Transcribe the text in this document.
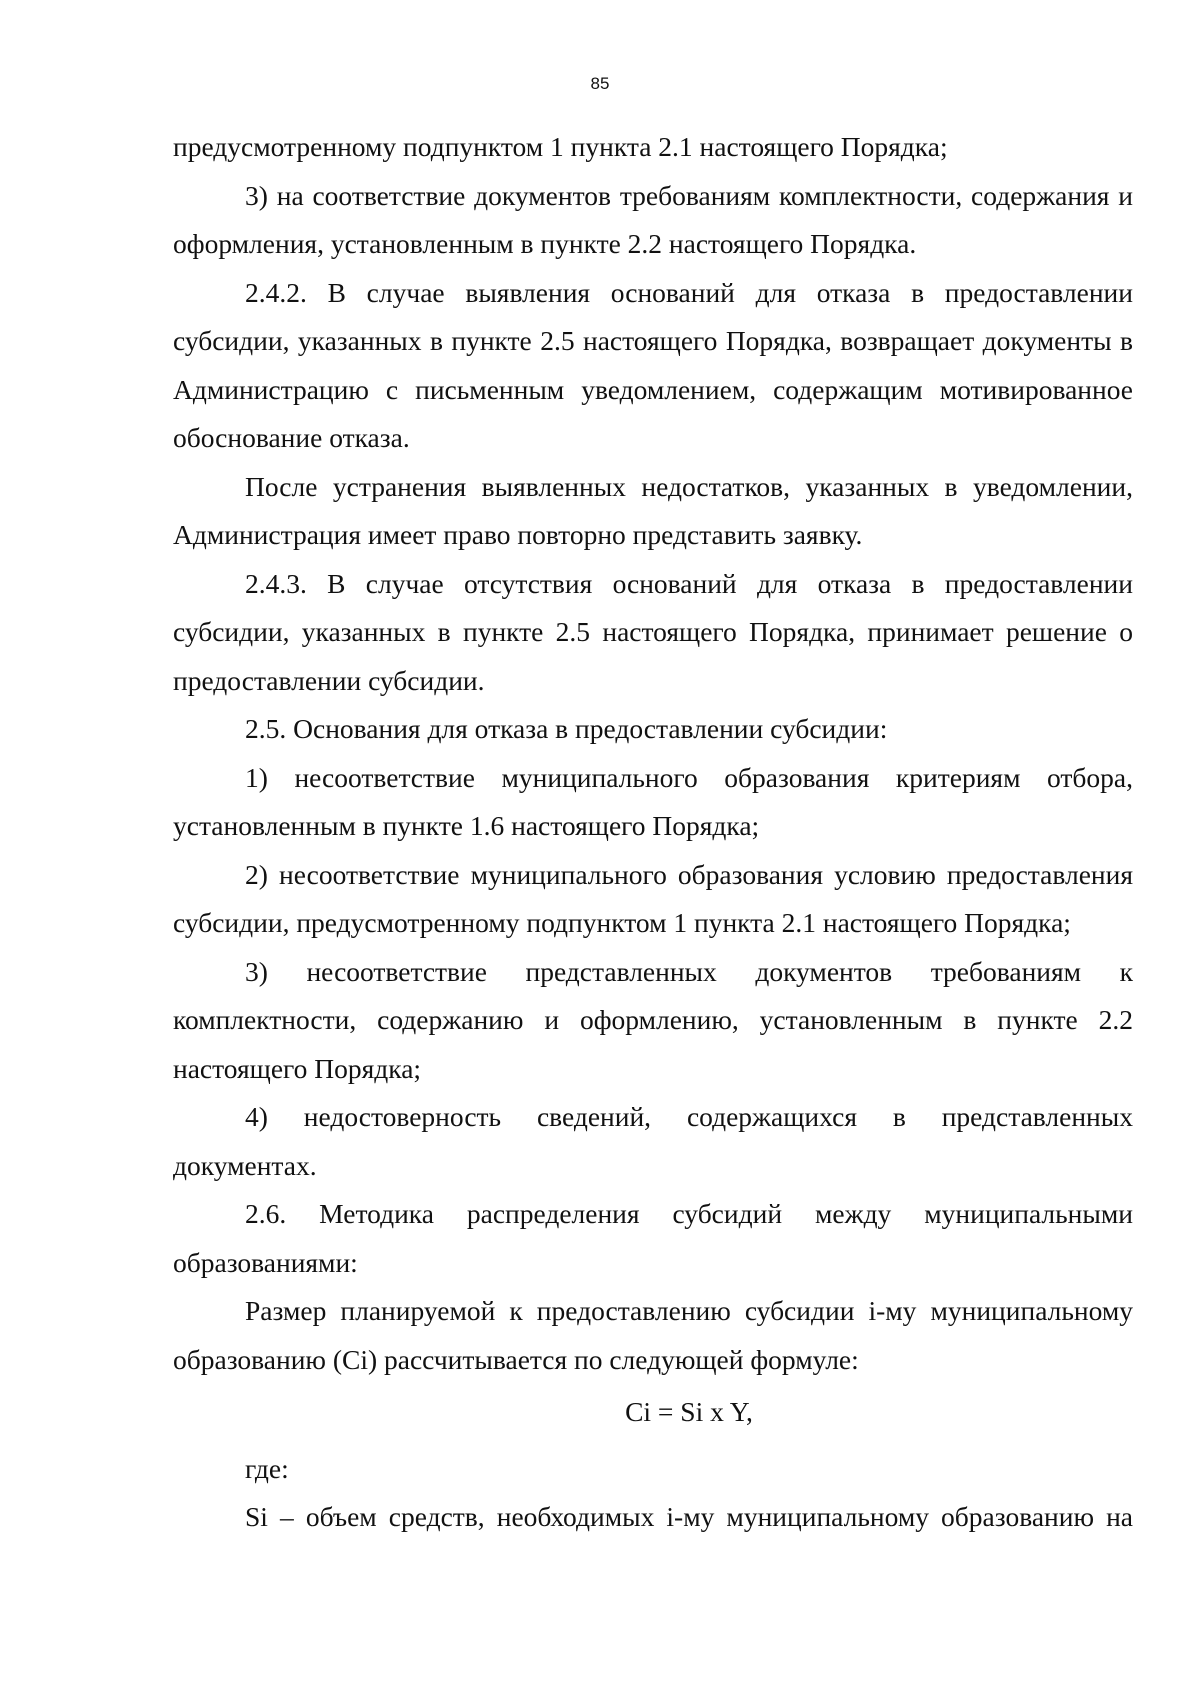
85

предусмотренному подпунктом 1 пункта 2.1 настоящего Порядка;

3) на соответствие документов требованиям комплектности, содержания и оформления, установленным в пункте 2.2 настоящего Порядка.

2.4.2. В случае выявления оснований для отказа в предоставлении субсидии, указанных в пункте 2.5 настоящего Порядка, возвращает документы в Администрацию с письменным уведомлением, содержащим мотивированное обоснование отказа.

После устранения выявленных недостатков, указанных в уведомлении, Администрация имеет право повторно представить заявку.

2.4.3. В случае отсутствия оснований для отказа в предоставлении субсидии, указанных в пункте 2.5 настоящего Порядка, принимает решение о предоставлении субсидии.

2.5. Основания для отказа в предоставлении субсидии:

1) несоответствие муниципального образования критериям отбора, установленным в пункте 1.6 настоящего Порядка;

2) несоответствие муниципального образования условию предоставления субсидии, предусмотренному подпунктом 1 пункта 2.1 настоящего Порядка;

3) несоответствие представленных документов требованиям к комплектности, содержанию и оформлению, установленным в пункте 2.2 настоящего Порядка;

4) недостоверность сведений, содержащихся в представленных документах.

2.6. Методика распределения субсидий между муниципальными образованиями:

Размер планируемой к предоставлению субсидии i-му муниципальному образованию (Ci) рассчитывается по следующей формуле:

Ci = Si x Y,

где:

Si – объем средств, необходимых i-му муниципальному образованию на
